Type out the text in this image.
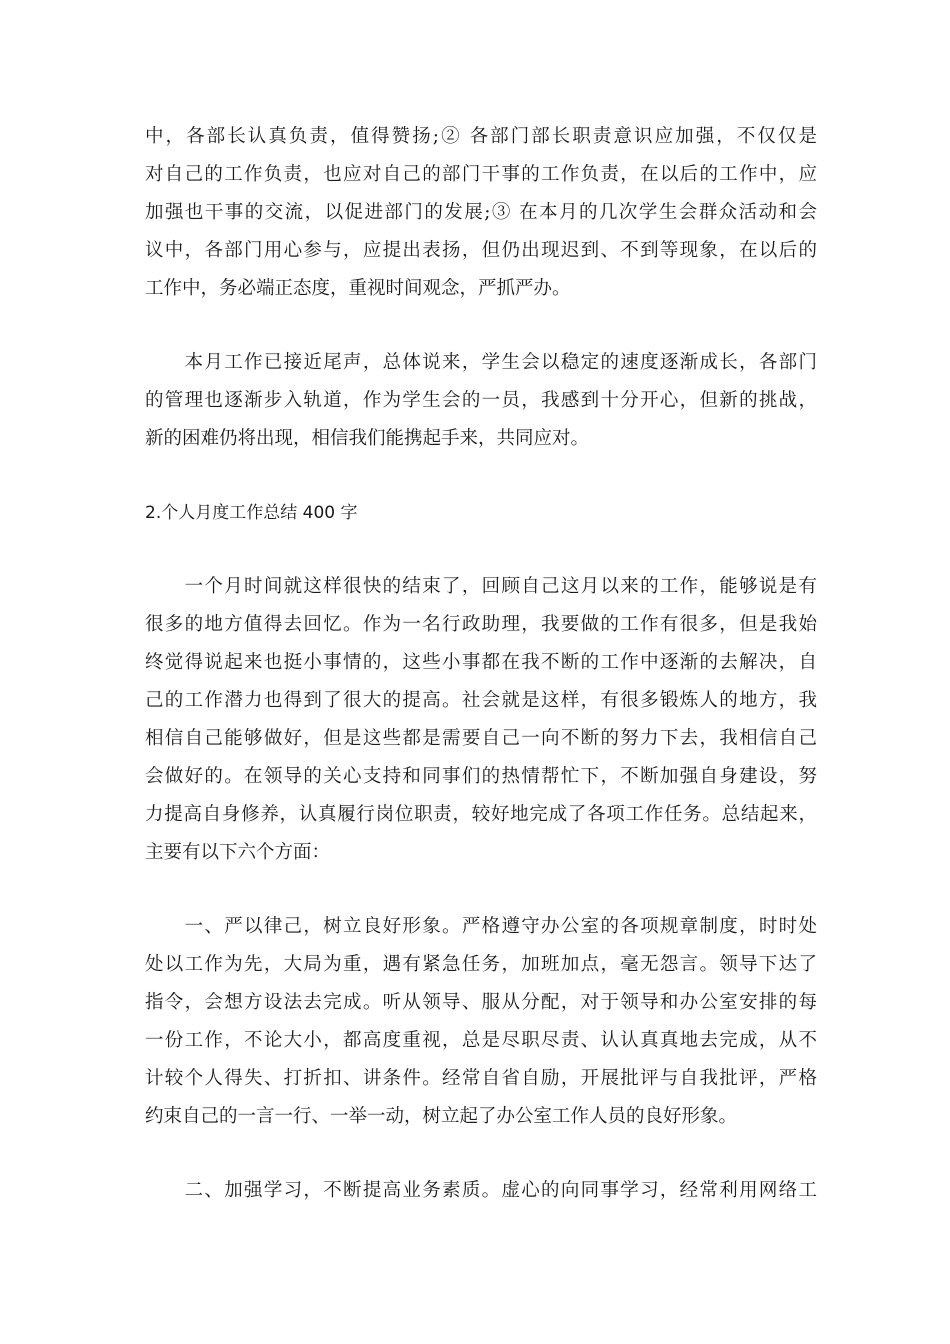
中，各部长认真负责，值得赞扬;② 各部门部长职责意识应加强，不仅仅是
对自己的工作负责，也应对自己的部门干事的工作负责，在以后的工作中，应
加强也干事的交流，以促进部门的发展;③ 在本月的几次学生会群众活动和会
议中，各部门用心参与，应提出表扬，但仍出现迟到、不到等现象，在以后的
工作中，务必端正态度，重视时间观念，严抓严办。
　　本月工作已接近尾声，总体说来，学生会以稳定的速度逐渐成长，各部门
的管理也逐渐步入轨道，作为学生会的一员，我感到十分开心，但新的挑战，
新的困难仍将出现，相信我们能携起手来，共同应对。
2.个人月度工作总结 400 字
　　一个月时间就这样很快的结束了，回顾自己这月以来的工作，能够说是有
很多的地方值得去回忆。作为一名行政助理，我要做的工作有很多，但是我始
终觉得说起来也挺小事情的，这些小事都在我不断的工作中逐渐的去解决，自
己的工作潜力也得到了很大的提高。社会就是这样，有很多锻炼人的地方，我
相信自己能够做好，但是这些都是需要自己一向不断的努力下去，我相信自己
会做好的。在领导的关心支持和同事们的热情帮忙下，不断加强自身建设，努
力提高自身修养，认真履行岗位职责，较好地完成了各项工作任务。总结起来，
主要有以下六个方面：
　　一、严以律己，树立良好形象。严格遵守办公室的各项规章制度，时时处
处以工作为先，大局为重，遇有紧急任务，加班加点，毫无怨言。领导下达了
指令，会想方设法去完成。听从领导、服从分配，对于领导和办公室安排的每
一份工作，不论大小，都高度重视，总是尽职尽责、认认真真地去完成，从不
计较个人得失、打折扣、讲条件。经常自省自励，开展批评与自我批评，严格
约束自己的一言一行、一举一动，树立起了办公室工作人员的良好形象。
　　二、加强学习，不断提高业务素质。虚心的向同事学习，经常利用网络工
